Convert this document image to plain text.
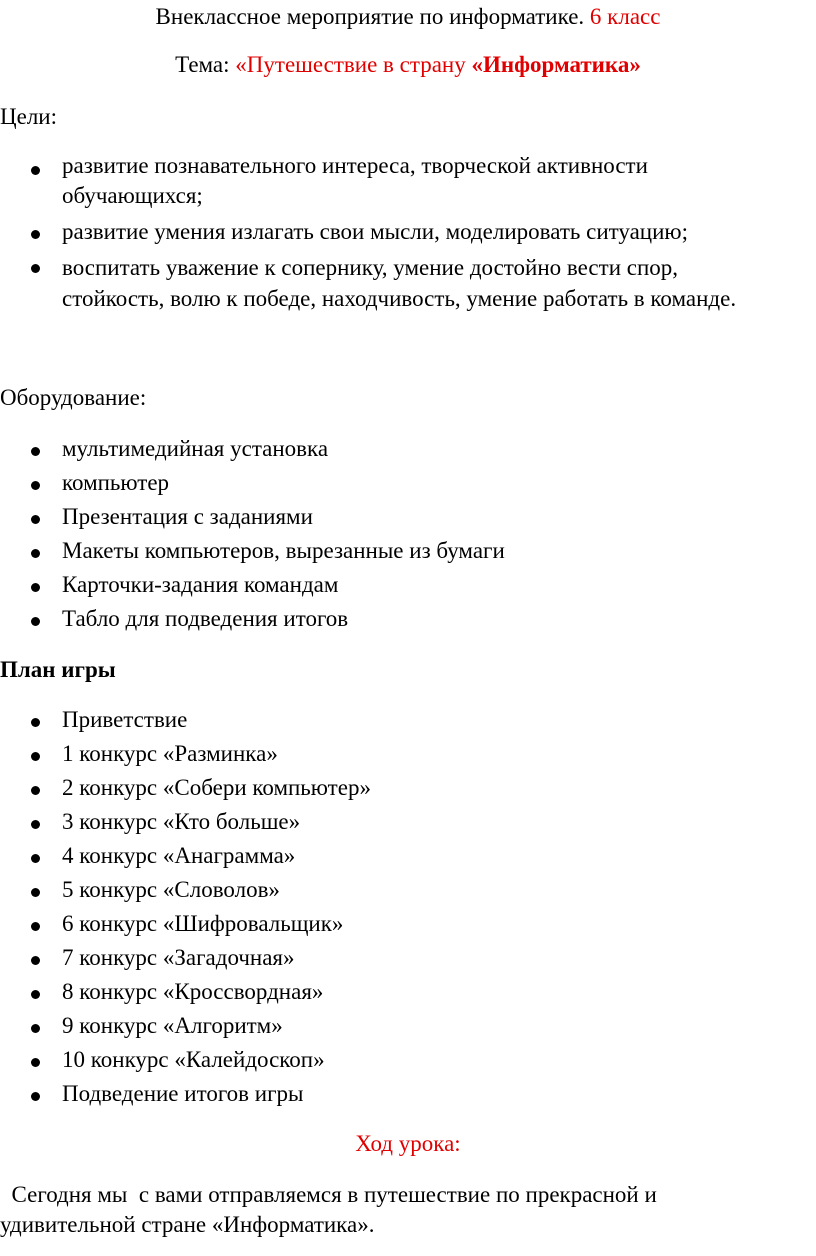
Внеклассное мероприятие по информатике. 6 класс
Тема: «Путешествие в страну «Информатика»
Цели:
развитие познавательного интереса, творческой активности
обучающихся;
развитие умения излагать свои мысли, моделировать ситуацию;
воспитать уважение к сопернику, умение достойно вести спор,
стойкость, волю к победе, находчивость, умение работать в команде.
Оборудование:
мультимедийная установка
компьютер
Презентация с заданиями
Макеты компьютеров, вырезанные из бумаги
Карточки-задания командам
Табло для подведения итогов
План игры
Приветствие
1 конкурс «Разминка»
2 конкурс «Собери компьютер»
3 конкурс «Кто больше»
4 конкурс «Анаграмма»
5 конкурс «Словолов»
6 конкурс «Шифровальщик»
7 конкурс «Загадочная»
8 конкурс «Кроссвордная»
9 конкурс «Алгоритм»
10 конкурс «Калейдоскоп»
Подведение итогов игры
Ход урока:
Сегодня мы  с вами отправляемся в путешествие по прекрасной и
удивительной стране «Информатика».
